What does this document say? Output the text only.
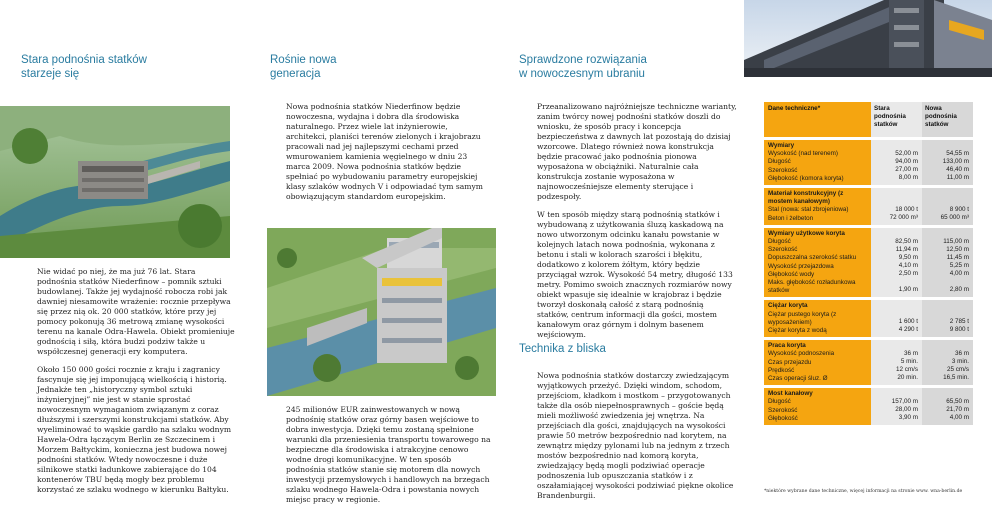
Stara podnośnia statków
starzeje się

Nie widać po niej, że ma już 76 lat. Stara podnośnia statków Niederfinow – pomnik sztuki budowlanej. Także jej wydajność robocza robi jak dawniej niesamowite wrażenie: rocznie przepływa się przez nią ok. 20 000 statków, które przy jej pomocy pokonują 36 metrową zmianę wysokości terenu na kanale Odra-Hawela. Obiekt promieniuje godnością i siłą, która budzi podziw także u współczesnej generacji ery komputera.

Około 150 000 gości rocznie z kraju i zagranicy fascynuje się jej imponującą wielkością i historią. Jednakże ten „historyczny symbol sztuki inżynieryjnej” nie jest w stanie sprostać nowoczesnym wymaganiom związanym z coraz dłuższymi i szerszymi konstrukcjami statków. Aby wyeliminować to wąskie gardło na szlaku wodnym Hawela-Odra łączącym Berlin ze Szczecinem i Morzem Bałtyckim, konieczna jest budowa nowej podnośni statków. Wtedy nowoczesne i duże silnikowe statki ładunkowe zabierające do 104 kontenerów TBU będą mogły bez problemu korzystać ze szlaku wodnego w kierunku Bałtyku.

Rośnie nowa
generacja

Nowa podnośnia statków Niederfinow będzie nowoczesna, wydajna i dobra dla środowiska naturalnego. Przez wiele lat inżynierowie, architekci, planiści terenów zielonych i krajobrazu pracowali nad jej najlepszymi cechami przed wmurowaniem kamienia węgielnego w dniu 23 marca 2009. Nowa podnośnia statków będzie spełniać po wybudowaniu parametry europejskiej klasy szlaków wodnych V i odpowiadać tym samym obowiązującym standardom europejskim.

245 milionów EUR zainwestowanych w nową podnośnię statków oraz górny basen wejściowe to dobra inwestycja. Dzięki temu zostaną spełnione warunki dla przeniesienia transportu towarowego na bezpieczne dla środowiska i atrakcyjne cenowo wodne drogi komunikacyjne. W ten sposób podnośnia statków stanie się motorem dla nowych inwestycji przemysłowych i handlowych na brzegach szlaku wodnego Hawela-Odra i powstania nowych miejsc pracy w regionie.

Sprawdzone rozwiązania
w nowoczesnym ubraniu

Przeanalizowano najróżniejsze techniczne warianty, zanim twórcy nowej podnośni statków doszli do wniosku, że sposób pracy i koncepcja bezpieczeństwa z dawnych lat pozostają do dzisiaj wzorcowe. Dlatego również nowa konstrukcja będzie pracować jako podnośnia pionowa wyposażona w obciążniki. Naturalnie cała konstrukcja zostanie wyposażona w najnowocześniejsze elementy sterujące i podzespoły.

W ten sposób między starą podnośnią statków i wybudowaną z użytkowania śluzą kaskadową na nowo utworzonym odcinku kanału powstanie w kolejnych latach nowa podnośnia, wykonana z betonu i stali w kolorach szarości i błękitu, dodatkowo z kolorem żółtym, który będzie przyciągał wzrok. Wysokość 54 metry, długość 133 metry. Pomimo swoich znacznych rozmiarów nowy obiekt wpasuje się idealnie w krajobraz i będzie tworzył doskonałą całość z starą podnośnią statków, centrum informacji dla gości, mostem kanałowym oraz górnym i dolnym basenem wejściowym.

Technika z bliska

Nowa podnośnia statków dostarczy zwiedzającym wyjątkowych przeżyć. Dzięki windom, schodom, przejściom, kładkom i mostkom – przygotowanych także dla osób niepełnosprawnych – goście będą mieli możliwość zwiedzenia jej wnętrza. Na przejściach dla gości, znajdujących na wysokości prawie 50 metrów bezpośrednio nad korytem, na zewnątrz między pylonami lub na jednym z trzech mostów bezpośrednio nad komorą koryta, zwiedzający będą mogli podziwiać operacje podnoszenia lub opuszczania statków i z oszałamiającej wysokości podziwiać piękne okolice Brandenburgii.

Dane techniczne*	Stara
podnośnia
statków
Nowa
podnośnia
statków
Wymiary
Wysokość (nad terenem)
Długość
Szerokość
Głębokość (komora koryta)
52,00 m
94,00 m
27,00 m
8,00 m
54,55 m
133,00 m
46,40 m
11,00 m
Materiał konstrukcyjny (z mostem kanałowym)
Stal (nowa: stal zbrojeniowa)
Beton i żelbeton
18 000 t
72 000 m³
8 900 t
65 000 m³
Wymiary użytkowe koryta
Długość
Szerokość
Dopuszczalna szerokość statku
Wysokość przejazdowa
Głębokość wody
Maks. głębokość rozładunkowa statków
82,50 m
11,94 m
9,50 m
4,10 m
2,50 m
1,90 m
115,00 m
12,50 m
11,45 m
5,25 m
4,00 m
2,80 m
Ciężar koryta
Ciężar pustego koryta (z wyposażeniem)
Ciężar koryta z wodą
1 600 t
4 290 t
2 785 t
9 800 t
Praca koryta
Wysokość podnoszenia
Czas przejazdu
Prędkość
Czas operacji śluz. Ø
36 m
5 min.
12 cm/s
20 min.
36 m
3 min.
25 cm/s
16,5 min.
Most kanałowy
Długość
Szerokość
Głębokość
157,00 m
28,00 m
3,90 m
65,50 m
21,70 m
4,00 m
*niektóre wybrane dane techniczne, więcej informacji na stronie www. wna-berlin.de
